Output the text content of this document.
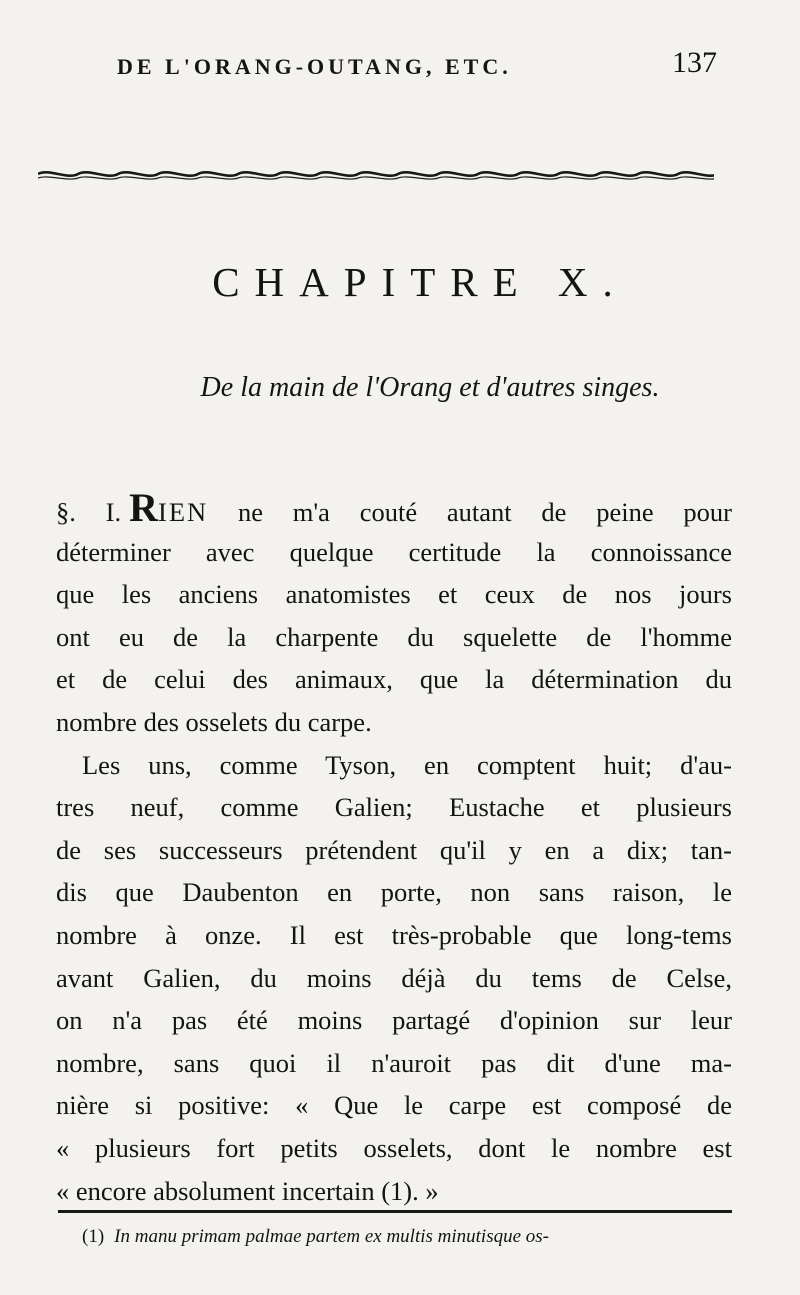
DE L'ORANG-OUTANG, ETC.	137
CHAPITRE X.
De la main de l'Orang et d'autres singes.
§. I. RIEN ne m'a couté autant de peine pour
déterminer avec quelque certitude la connoissance
que les anciens anatomistes et ceux de nos jours
ont eu de la charpente du squelette de l'homme
et de celui des animaux, que la détermination du
nombre des osselets du carpe.
Les uns, comme Tyson, en comptent huit; d'au-
tres neuf, comme Galien; Eustache et plusieurs
de ses successeurs prétendent qu'il y en a dix; tan-
dis que Daubenton en porte, non sans raison, le
nombre à onze. Il est très-probable que long-tems
avant Galien, du moins déjà du tems de Celse,
on n'a pas été moins partagé d'opinion sur leur
nombre, sans quoi il n'auroit pas dit d'une ma-
nière si positive: « Que le carpe est composé de
« plusieurs fort petits osselets, dont le nombre est
« encore absolument incertain (1). »
(1) In manu primam palmae partem ex multis minutisque os-
